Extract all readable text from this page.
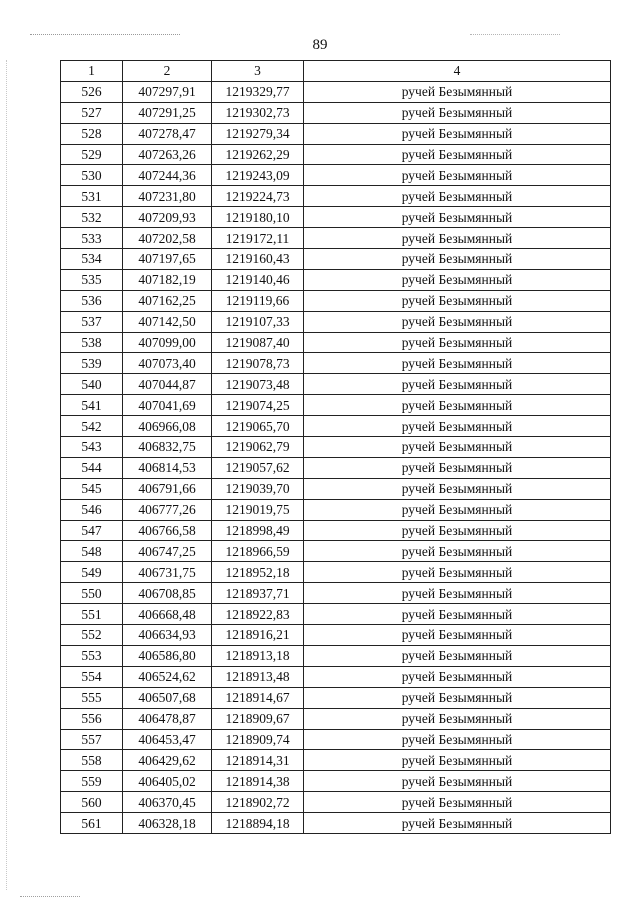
89
1	2	3	4
526	407297,91	1219329,77	ручей Безымянный
527	407291,25	1219302,73	ручей Безымянный
528	407278,47	1219279,34	ручей Безымянный
529	407263,26	1219262,29	ручей Безымянный
530	407244,36	1219243,09	ручей Безымянный
531	407231,80	1219224,73	ручей Безымянный
532	407209,93	1219180,10	ручей Безымянный
533	407202,58	1219172,11	ручей Безымянный
534	407197,65	1219160,43	ручей Безымянный
535	407182,19	1219140,46	ручей Безымянный
536	407162,25	1219119,66	ручей Безымянный
537	407142,50	1219107,33	ручей Безымянный
538	407099,00	1219087,40	ручей Безымянный
539	407073,40	1219078,73	ручей Безымянный
540	407044,87	1219073,48	ручей Безымянный
541	407041,69	1219074,25	ручей Безымянный
542	406966,08	1219065,70	ручей Безымянный
543	406832,75	1219062,79	ручей Безымянный
544	406814,53	1219057,62	ручей Безымянный
545	406791,66	1219039,70	ручей Безымянный
546	406777,26	1219019,75	ручей Безымянный
547	406766,58	1218998,49	ручей Безымянный
548	406747,25	1218966,59	ручей Безымянный
549	406731,75	1218952,18	ручей Безымянный
550	406708,85	1218937,71	ручей Безымянный
551	406668,48	1218922,83	ручей Безымянный
552	406634,93	1218916,21	ручей Безымянный
553	406586,80	1218913,18	ручей Безымянный
554	406524,62	1218913,48	ручей Безымянный
555	406507,68	1218914,67	ручей Безымянный
556	406478,87	1218909,67	ручей Безымянный
557	406453,47	1218909,74	ручей Безымянный
558	406429,62	1218914,31	ручей Безымянный
559	406405,02	1218914,38	ручей Безымянный
560	406370,45	1218902,72	ручей Безымянный
561	406328,18	1218894,18	ручей Безымянный
